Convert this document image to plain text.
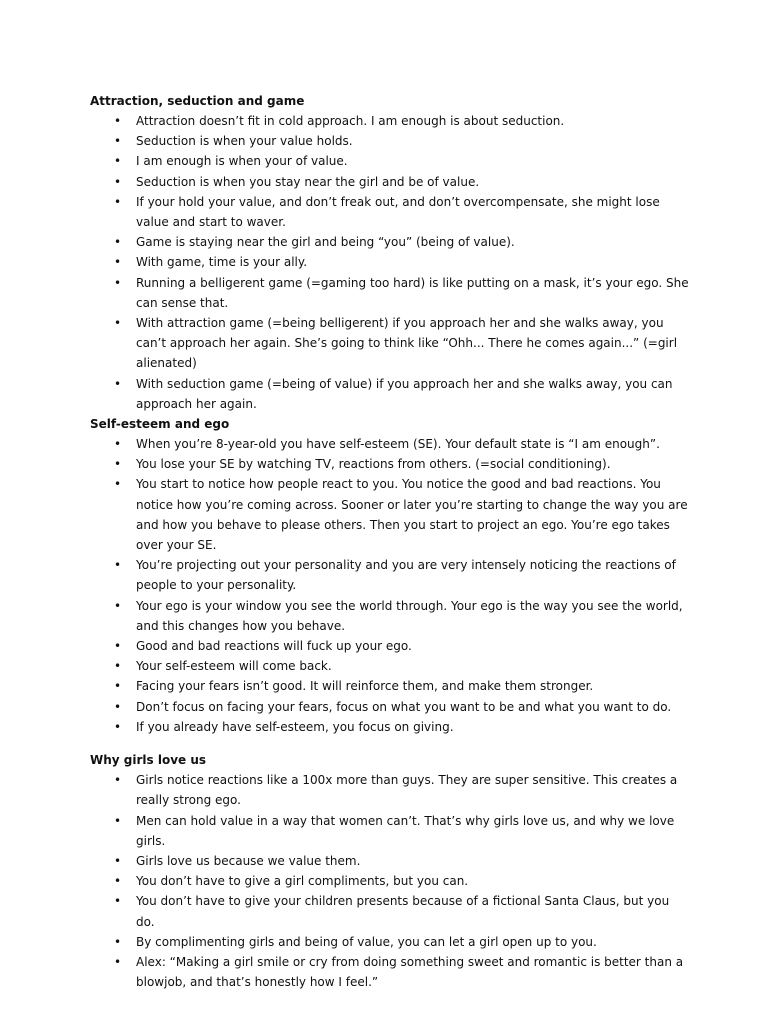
Attraction, seduction and game
• Attraction doesn’t fit in cold approach. I am enough is about seduction.
• Seduction is when your value holds.
• I am enough is when your of value.
• Seduction is when you stay near the girl and be of value.
• If your hold your value, and don’t freak out, and don’t overcompensate, she might lose value and start to waver.
• Game is staying near the girl and being “you” (being of value).
• With game, time is your ally.
• Running a belligerent game (=gaming too hard) is like putting on a mask, it’s your ego. She can sense that.
• With attraction game (=being belligerent) if you approach her and she walks away, you can’t approach her again. She’s going to think like “Ohh... There he comes again...” (=girl alienated)
• With seduction game (=being of value) if you approach her and she walks away, you can approach her again.
Self-esteem and ego
• When you’re 8-year-old you have self-esteem (SE). Your default state is “I am enough”.
• You lose your SE by watching TV, reactions from others. (=social conditioning).
• You start to notice how people react to you. You notice the good and bad reactions. You notice how you’re coming across. Sooner or later you’re starting to change the way you are and how you behave to please others. Then you start to project an ego. You’re ego takes over your SE.
• You’re projecting out your personality and you are very intensely noticing the reactions of people to your personality.
• Your ego is your window you see the world through. Your ego is the way you see the world, and this changes how you behave.
• Good and bad reactions will fuck up your ego.
• Your self-esteem will come back.
• Facing your fears isn’t good. It will reinforce them, and make them stronger.
• Don’t focus on facing your fears, focus on what you want to be and what you want to do.
• If you already have self-esteem, you focus on giving.
Why girls love us
• Girls notice reactions like a 100x more than guys. They are super sensitive. This creates a really strong ego.
• Men can hold value in a way that women can’t. That’s why girls love us, and why we love girls.
• Girls love us because we value them.
• You don’t have to give a girl compliments, but you can.
• You don’t have to give your children presents because of a fictional Santa Claus, but you do.
• By complimenting girls and being of value, you can let a girl open up to you.
• Alex: “Making a girl smile or cry from doing something sweet and romantic is better than a blowjob, and that’s honestly how I feel.”
